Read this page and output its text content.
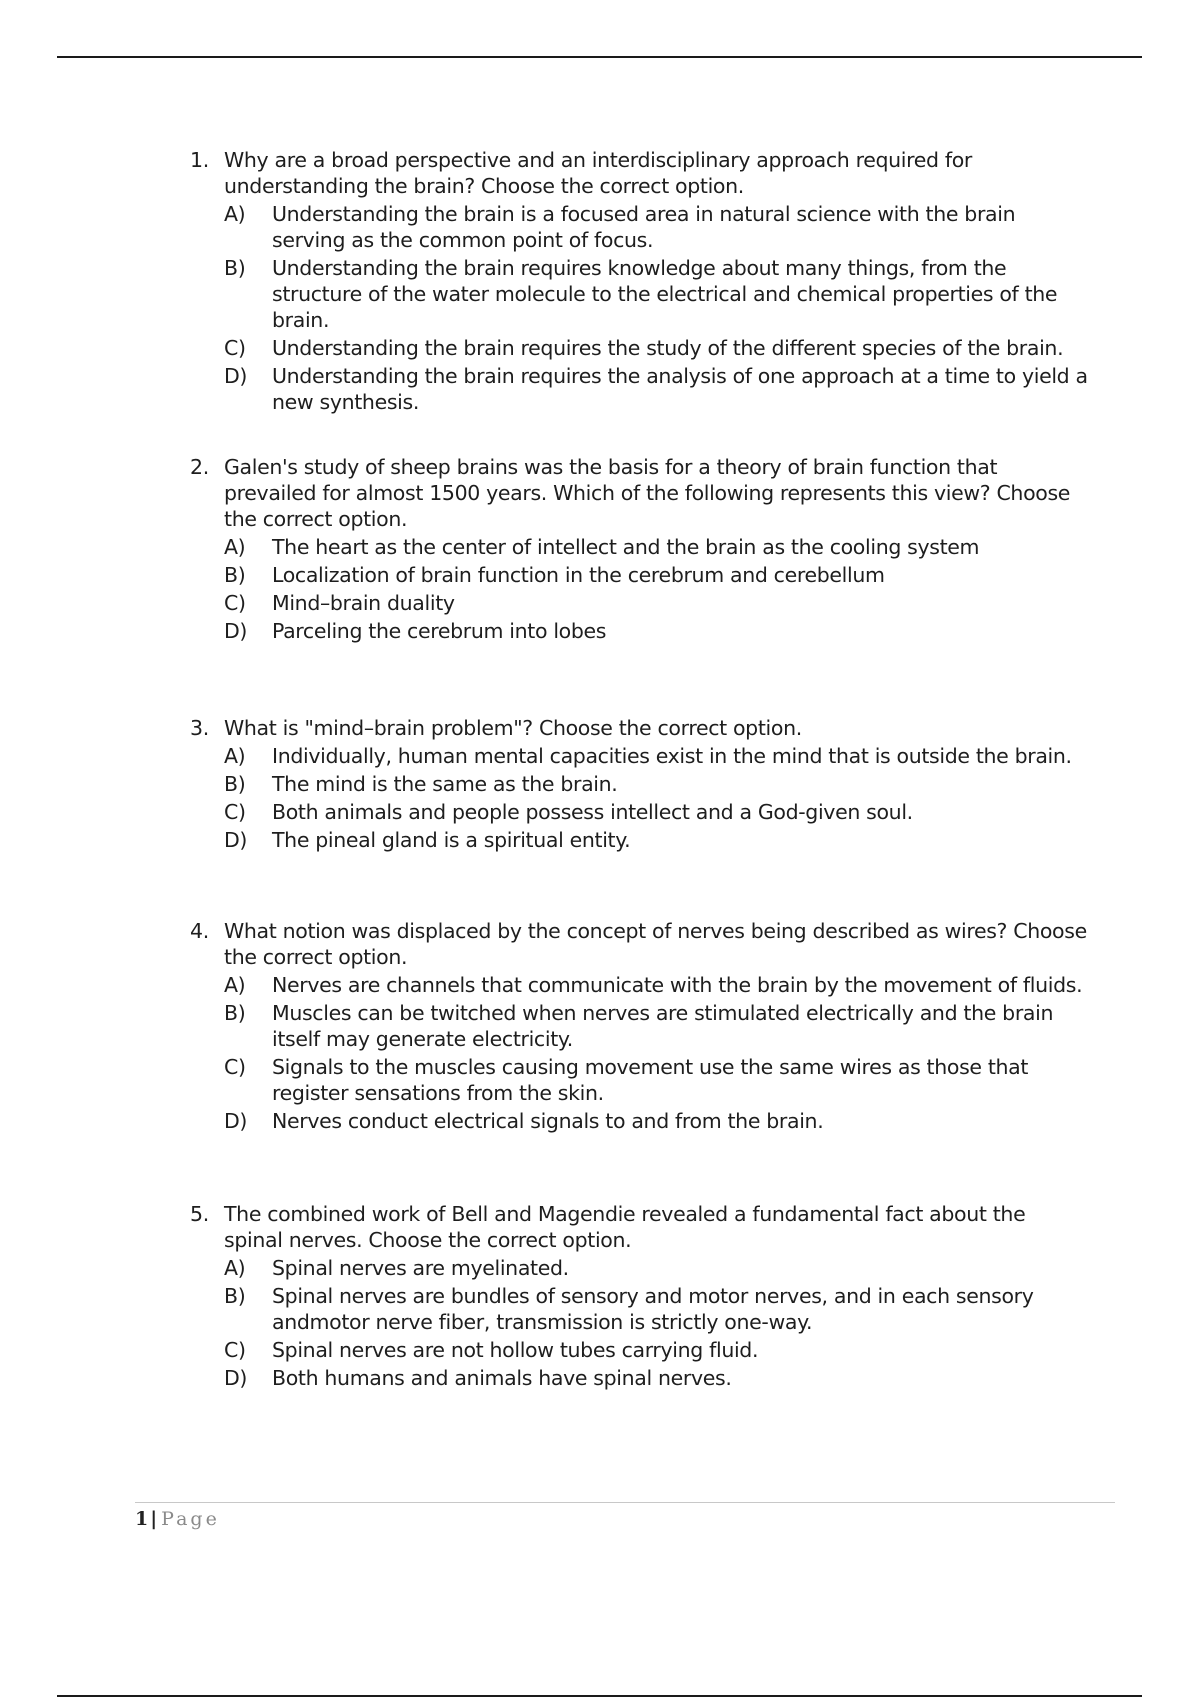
1. Why are a broad perspective and an interdisciplinary approach required for understanding the brain? Choose the correct option.

A)	Understanding the brain is a focused area in natural science with the brain serving as the common point of focus.
B)	Understanding the brain requires knowledge about many things, from the structure of the water molecule to the electrical and chemical properties of the brain.
C)	Understanding the brain requires the study of the different species of the brain.
D)	Understanding the brain requires the analysis of one approach at a time to yield a new synthesis.

2. Galen's study of sheep brains was the basis for a theory of brain function that prevailed for almost 1500 years. Which of the following represents this view? Choose the correct option.

A)	The heart as the center of intellect and the brain as the cooling system
B)	Localization of brain function in the cerebrum and cerebellum
C)	Mind–brain duality
D)	Parceling the cerebrum into lobes

3. What is "mind–brain problem"? Choose the correct option.

A)	Individually, human mental capacities exist in the mind that is outside the brain.
B)	The mind is the same as the brain.
C)	Both animals and people possess intellect and a God-given soul.
D)	The pineal gland is a spiritual entity.

4. What notion was displaced by the concept of nerves being described as wires? Choose the correct option.

A)	Nerves are channels that communicate with the brain by the movement of fluids.
B)	Muscles can be twitched when nerves are stimulated electrically and the brain itself may generate electricity.
C)	Signals to the muscles causing movement use the same wires as those that register sensations from the skin.
D)	Nerves conduct electrical signals to and from the brain.

5. The combined work of Bell and Magendie revealed a fundamental fact about the spinal nerves. Choose the correct option.

A)	Spinal nerves are myelinated.
B)	Spinal nerves are bundles of sensory and motor nerves, and in each sensory andmotor nerve fiber, transmission is strictly one-way.
C)	Spinal nerves are not hollow tubes carrying fluid.
D)	Both humans and animals have spinal nerves.
1 | Page
